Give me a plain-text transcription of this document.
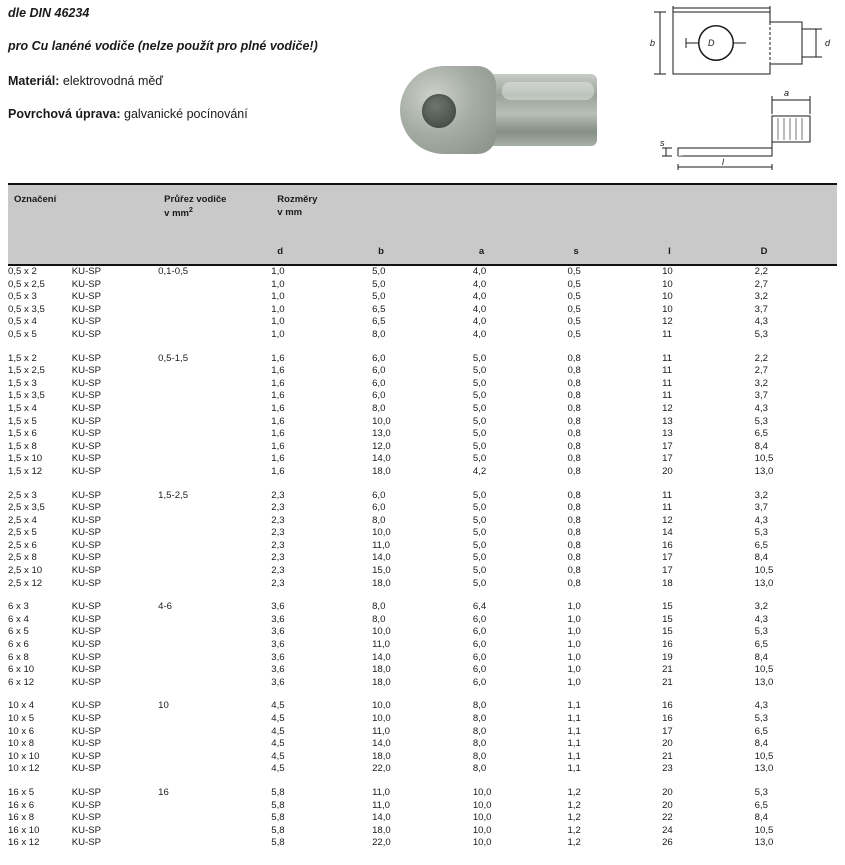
dle DIN 46234
pro Cu lanéné vodiče (nelze použít pro plné vodiče!)
Materiál: elektrovodná měď
Povrchová úprava: galvanické pocínování
b	D	d
a
s
l
Označení		Průřez vodiče
v $mm^2$	Rozměry
v mm
d	b	a	s	l	D

0,5 x 2	KU-SP	0,1-0,5	1,0	5,0	4,0	0,5	10	2,2
0,5 x 2,5	KU-SP		1,0	5,0	4,0	0,5	10	2,7
0,5 x 3	KU-SP		1,0	5,0	4,0	0,5	10	3,2
0,5 x 3,5	KU-SP		1,0	6,5	4,0	0,5	10	3,7
0,5 x 4	KU-SP		1,0	6,5	4,0	0,5	12	4,3
0,5 x 5	KU-SP		1,0	8,0	4,0	0,5	11	5,3

1,5 x 2	KU-SP	0,5-1,5	1,6	6,0	5,0	0,8	11	2,2
1,5 x 2,5	KU-SP		1,6	6,0	5,0	0,8	11	2,7
1,5 x 3	KU-SP		1,6	6,0	5,0	0,8	11	3,2
1,5 x 3,5	KU-SP		1,6	6,0	5,0	0,8	11	3,7
1,5 x 4	KU-SP		1,6	8,0	5,0	0,8	12	4,3
1,5 x 5	KU-SP		1,6	10,0	5,0	0,8	13	5,3
1,5 x 6	KU-SP		1,6	13,0	5,0	0,8	13	6,5
1,5 x 8	KU-SP		1,6	12,0	5,0	0,8	17	8,4
1,5 x 10	KU-SP		1,6	14,0	5,0	0,8	17	10,5
1,5 x 12	KU-SP		1,6	18,0	4,2	0,8	20	13,0

2,5 x 3	KU-SP	1,5-2,5	2,3	6,0	5,0	0,8	11	3,2
2,5 x 3,5	KU-SP		2,3	6,0	5,0	0,8	11	3,7
2,5 x 4	KU-SP		2,3	8,0	5,0	0,8	12	4,3
2,5 x 5	KU-SP		2,3	10,0	5,0	0,8	14	5,3
2,5 x 6	KU-SP		2,3	11,0	5,0	0,8	16	6,5
2,5 x 8	KU-SP		2,3	14,0	5,0	0,8	17	8,4
2,5 x 10	KU-SP		2,3	15,0	5,0	0,8	17	10,5
2,5 x 12	KU-SP		2,3	18,0	5,0	0,8	18	13,0

6 x 3	KU-SP	4-6	3,6	8,0	6,4	1,0	15	3,2
6 x 4	KU-SP		3,6	8,0	6,0	1,0	15	4,3
6 x 5	KU-SP		3,6	10,0	6,0	1,0	15	5,3
6 x 6	KU-SP		3,6	11,0	6,0	1,0	16	6,5
6 x 8	KU-SP		3,6	14,0	6,0	1,0	19	8,4
6 x 10	KU-SP		3,6	18,0	6,0	1,0	21	10,5
6 x 12	KU-SP		3,6	18,0	6,0	1,0	21	13,0

10 x 4	KU-SP	10	4,5	10,0	8,0	1,1	16	4,3
10 x 5	KU-SP		4,5	10,0	8,0	1,1	16	5,3
10 x 6	KU-SP		4,5	11,0	8,0	1,1	17	6,5
10 x 8	KU-SP		4,5	14,0	8,0	1,1	20	8,4
10 x 10	KU-SP		4,5	18,0	8,0	1,1	21	10,5
10 x 12	KU-SP		4,5	22,0	8,0	1,1	23	13,0

16 x 5	KU-SP	16	5,8	11,0	10,0	1,2	20	5,3
16 x 6	KU-SP		5,8	11,0	10,0	1,2	20	6,5
16 x 8	KU-SP		5,8	14,0	10,0	1,2	22	8,4
16 x 10	KU-SP		5,8	18,0	10,0	1,2	24	10,5
16 x 12	KU-SP		5,8	22,0	10,0	1,2	26	13,0
